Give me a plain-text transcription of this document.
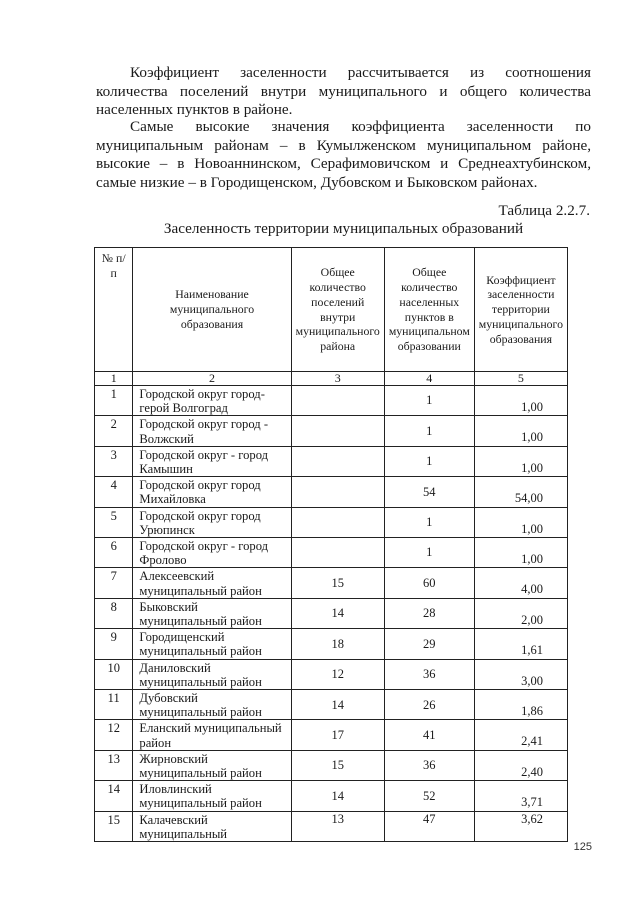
Коэффициент заселенности рассчитывается из соотношения количества поселений внутри муниципального и общего количества населенных пунктов в районе.

Самые высокие значения коэффициента заселенности по муниципальным районам – в Кумылженском муниципальном районе, высокие – в Новоаннинском, Серафимовичском и Среднеахтубинском, самые низкие – в Городищенском, Дубовском и Быковском районах.

Таблица 2.2.7.

Заселенность территории муниципальных образований

№ п/п	Наименование муниципального образования	Общее количество поселений внутри муниципального района	Общее количество населенных пунктов в муниципальном образовании	Коэффициент заселенности территории муниципального образования
1	2	3	4	5
1	Городской округ город-герой Волгоград		1	1,00
2	Городской округ город - Волжский		1	1,00
3	Городской округ - город Камышин		1	1,00
4	Городской округ город Михайловка		54	54,00
5	Городской округ город Урюпинск		1	1,00
6	Городской округ - город Фролово		1	1,00
7	Алексеевский муниципальный район	15	60	4,00
8	Быковский муниципальный район	14	28	2,00
9	Городищенский муниципальный район	18	29	1,61
10	Даниловский муниципальный район	12	36	3,00
11	Дубовский муниципальный район	14	26	1,86
12	Еланский муниципальный район	17	41	2,41
13	Жирновский муниципальный район	15	36	2,40
14	Иловлинский муниципальный район	14	52	3,71
15	Калачевский муниципальный	13	47	3,62

125
